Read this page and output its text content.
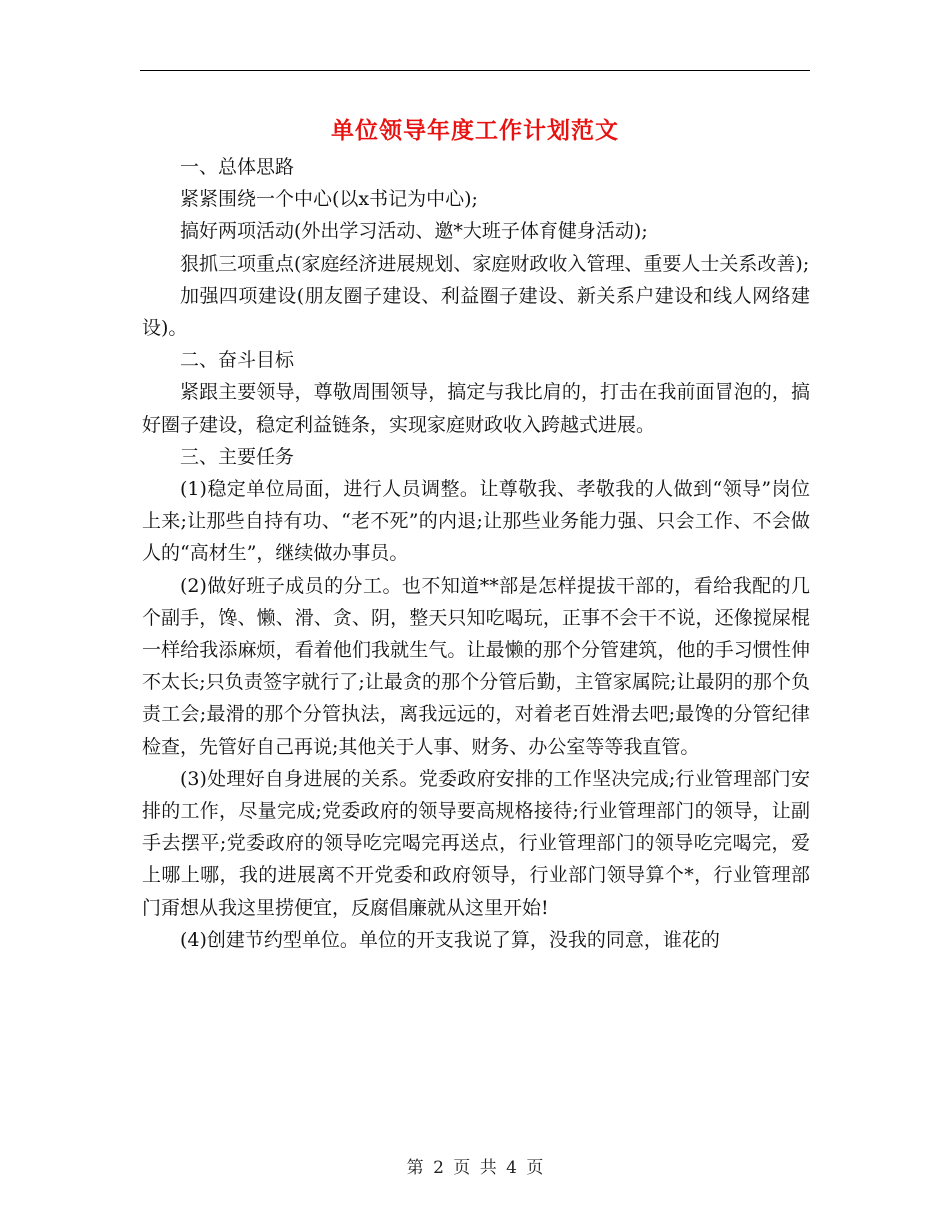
单位领导年度工作计划范文

一、总体思路

紧紧围绕一个中心(以x书记为中心);

搞好两项活动(外出学习活动、邀*大班子体育健身活动);

狠抓三项重点(家庭经济进展规划、家庭财政收入管理、重要人士关系改善);

加强四项建设(朋友圈子建设、利益圈子建设、新关系户建设和线人网络建设)。

二、奋斗目标

紧跟主要领导，尊敬周围领导，搞定与我比肩的，打击在我前面冒泡的，搞好圈子建设，稳定利益链条，实现家庭财政收入跨越式进展。

三、主要任务

(1)稳定单位局面，进行人员调整。让尊敬我、孝敬我的人做到“领导”岗位上来;让那些自持有功、“老不死”的内退;让那些业务能力强、只会工作、不会做人的“高材生”，继续做办事员。

(2)做好班子成员的分工。也不知道**部是怎样提拔干部的，看给我配的几个副手，馋、懒、滑、贪、阴，整天只知吃喝玩，正事不会干不说，还像搅屎棍一样给我添麻烦，看着他们我就生气。让最懒的那个分管建筑，他的手习惯性伸不太长;只负责签字就行了;让最贪的那个分管后勤，主管家属院;让最阴的那个负责工会;最滑的那个分管执法，离我远远的，对着老百姓滑去吧;最馋的分管纪律检查，先管好自己再说;其他关于人事、财务、办公室等等我直管。

(3)处理好自身进展的关系。党委政府安排的工作坚决完成;行业管理部门安排的工作，尽量完成;党委政府的领导要高规格接待;行业管理部门的领导，让副手去摆平;党委政府的领导吃完喝完再送点，行业管理部门的领导吃完喝完，爱上哪上哪，我的进展离不开党委和政府领导，行业部门领导算个*，行业管理部门甭想从我这里捞便宜，反腐倡廉就从这里开始!

(4)创建节约型单位。单位的开支我说了算，没我的同意，谁花的

第 2 页 共 4 页
